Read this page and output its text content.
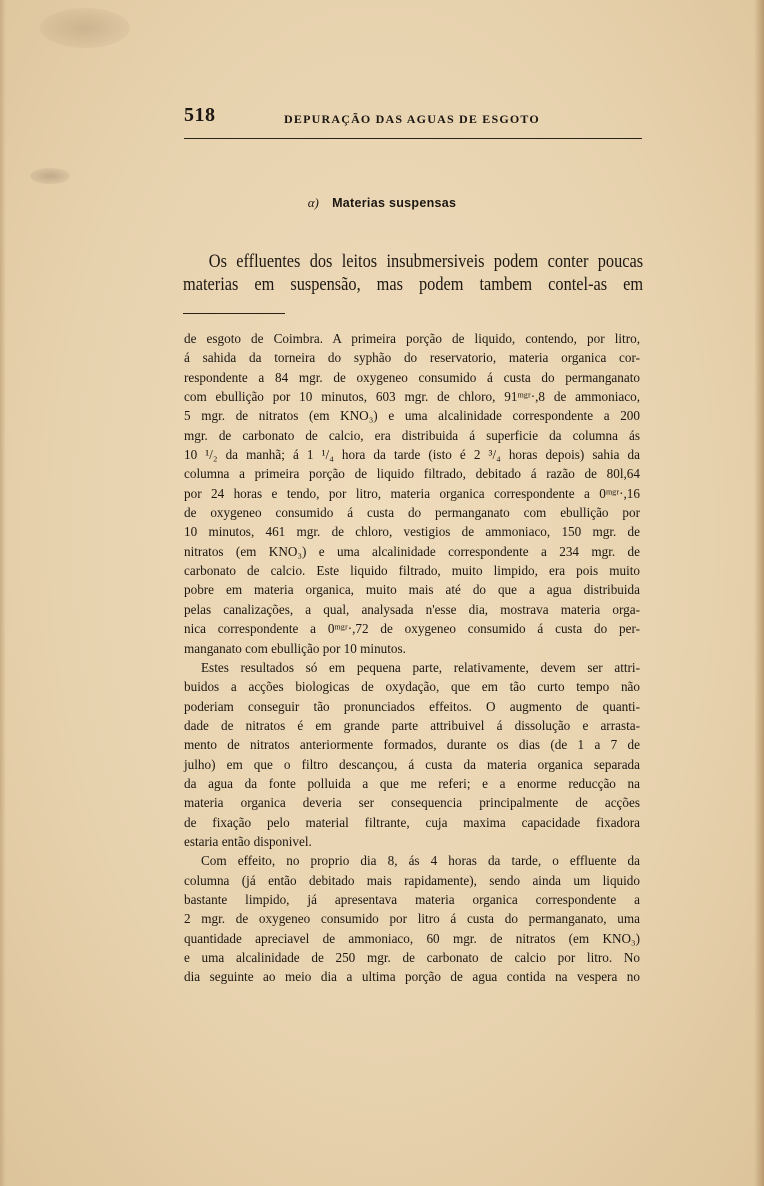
518	DEPURAÇÃO DAS AGUAS DE ESGOTO
α) Materias suspensas
Os effluentes dos leitos insubmersiveis podem conter poucas
materias em suspensão, mas podem tambem contel-as em
de esgoto de Coimbra. A primeira porção de liquido, contendo, por litro,
á sahida da torneira do syphão do reservatorio, materia organica cor-
respondente a 84 mgr. de oxygeneo consumido á custa do permanganato
com ebullição por 10 minutos, 603 mgr. de chloro, 91ᵐᵍʳ·,8 de ammoniaco,
5 mgr. de nitratos (em KNO₃) e uma alcalinidade correspondente a 200
mgr. de carbonato de calcio, era distribuida á superficie da columna ás
10 ¹/₂ da manhã; á 1 ¹/₄ hora da tarde (isto é 2 ³/₄ horas depois) sahia da
columna a primeira porção de liquido filtrado, debitado á razão de 80l,64
por 24 horas e tendo, por litro, materia organica correspondente a 0ᵐᵍʳ·,16
de oxygeneo consumido á custa do permanganato com ebullição por
10 minutos, 461 mgr. de chloro, vestigios de ammoniaco, 150 mgr. de
nitratos (em KNO₃) e uma alcalinidade correspondente a 234 mgr. de
carbonato de calcio. Este liquido filtrado, muito limpido, era pois muito
pobre em materia organica, muito mais até do que a agua distribuida
pelas canalizações, a qual, analysada n'esse dia, mostrava materia orga-
nica correspondente a 0ᵐᵍʳ·,72 de oxygeneo consumido á custa do per-
manganato com ebullição por 10 minutos.
Estes resultados só em pequena parte, relativamente, devem ser attri-
buidos a acções biologicas de oxydação, que em tão curto tempo não
poderiam conseguir tão pronunciados effeitos. O augmento de quanti-
dade de nitratos é em grande parte attribuivel á dissolução e arrasta-
mento de nitratos anteriormente formados, durante os dias (de 1 a 7 de
julho) em que o filtro descançou, á custa da materia organica separada
da agua da fonte polluida a que me referi; e a enorme reducção na
materia organica deveria ser consequencia principalmente de acções
de fixação pelo material filtrante, cuja maxima capacidade fixadora
estaria então disponivel.
Com effeito, no proprio dia 8, ás 4 horas da tarde, o effluente da
columna (já então debitado mais rapidamente), sendo ainda um liquido
bastante limpido, já apresentava materia organica correspondente a
2 mgr. de oxygeneo consumido por litro á custa do permanganato, uma
quantidade apreciavel de ammoniaco, 60 mgr. de nitratos (em KNO₃)
e uma alcalinidade de 250 mgr. de carbonato de calcio por litro. No
dia seguinte ao meio dia a ultima porção de agua contida na vespera no
